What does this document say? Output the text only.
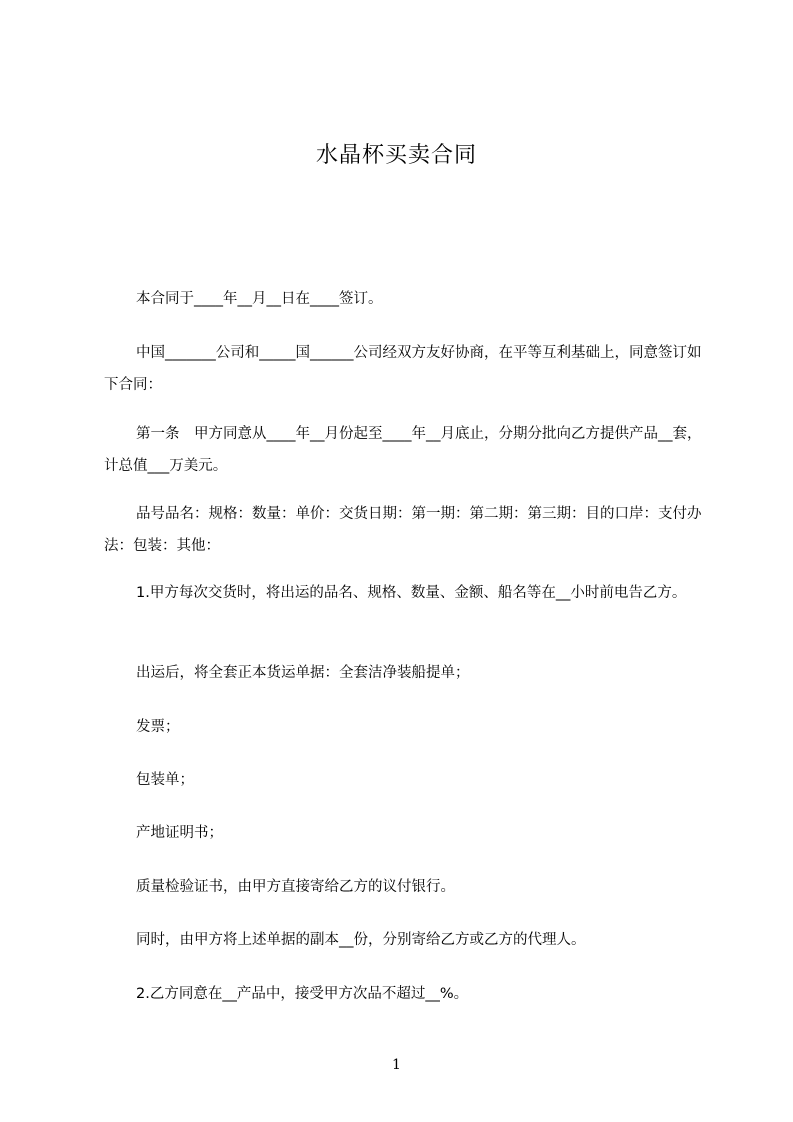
水晶杯买卖合同
本合同于____年__月__日在____签订。
中国_______公司和_____国______公司经双方友好协商，在平等互利基础上，同意签订如下合同：
第一条　甲方同意从____年__月份起至____年__月底止，分期分批向乙方提供产品__套，计总值___万美元。
品号品名：规格：数量：单价：交货日期：第一期：第二期：第三期：目的口岸：支付办法：包装：其他：
1.甲方每次交货时，将出运的品名、规格、数量、金额、船名等在__小时前电告乙方。
出运后，将全套正本货运单据：全套洁净装船提单；
发票；
包装单；
产地证明书；
质量检验证书，由甲方直接寄给乙方的议付银行。
同时，由甲方将上述单据的副本__份，分别寄给乙方或乙方的代理人。
2.乙方同意在__产品中，接受甲方次品不超过__%。
1
